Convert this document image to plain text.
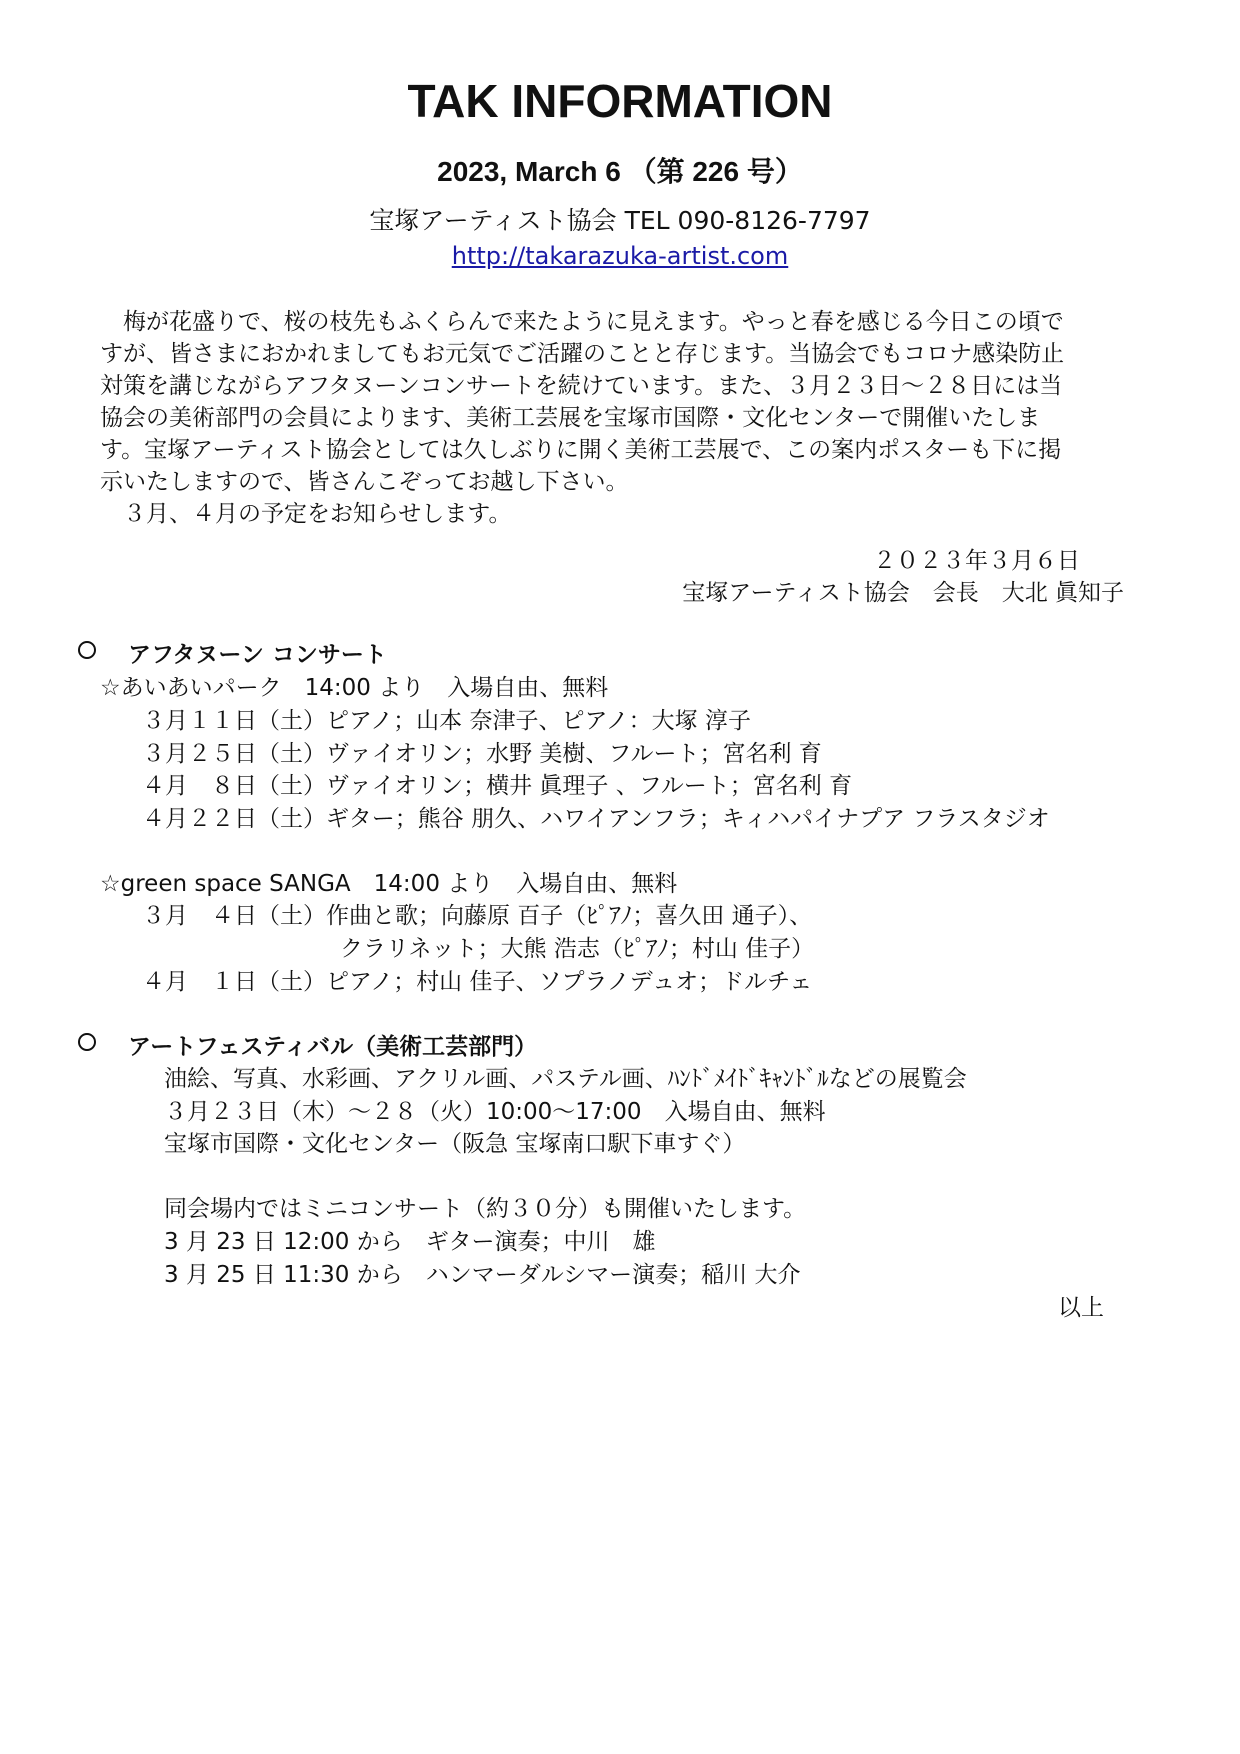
TAK INFORMATION
2023, March 6 （第 226 号）
宝塚アーティスト協会 TEL 090-8126-7797
http://takarazuka-artist.com

　梅が花盛りで、桜の枝先もふくらんで来たように見えます。やっと春を感じる今日この頃で

すが、皆さまにおかれましてもお元気でご活躍のことと存じます。当協会でもコロナ感染防止

対策を講じながらアフタヌーンコンサートを続けています。また、３月２３日～２８日には当

協会の美術部門の会員によります、美術工芸展を宝塚市国際・文化センターで開催いたしま

す。宝塚アーティスト協会としては久しぶりに開く美術工芸展で、この案内ポスターも下に掲

示いたしますので、皆さんこぞってお越し下さい。

　３月、４月の予定をお知らせします。

２０２３年３月６日
宝塚アーティスト協会　会長　大北 眞知子
アフタヌーン コンサート
☆あいあいパーク　14:00 より　入場自由、無料
３月１１日（土）ピアノ；山本 奈津子、ピアノ：大塚 淳子
３月２５日（土）ヴァイオリン；水野 美樹、フルート；宮名利 育
４月　８日（土）ヴァイオリン；横井 眞理子 、フルート；宮名利 育
４月２２日（土）ギター；熊谷 朋久、ハワイアンフラ；キィハパイナプア フラスタジオ
☆green space SANGA　14:00 より　入場自由、無料
３月　４日（土）作曲と歌；向藤原 百子（ﾋﾟｱﾉ；喜久田 通子）、
クラリネット；大熊 浩志（ﾋﾟｱﾉ；村山 佳子）
４月　１日（土）ピアノ；村山 佳子、ソプラノデュオ；ドルチェ
アートフェスティバル（美術工芸部門）
油絵、写真、水彩画、アクリル画、パステル画、ﾊﾝﾄﾞﾒｲﾄﾞｷｬﾝﾄﾞﾙなどの展覧会
３月２３日（木）～２８（火）10:00～17:00　入場自由、無料
宝塚市国際・文化センター（阪急 宝塚南口駅下車すぐ）
同会場内ではミニコンサート（約３０分）も開催いたします。
3 月 23 日 12:00 から　ギター演奏；中川　雄
3 月 25 日 11:30 から　ハンマーダルシマー演奏；稲川 大介
以上
